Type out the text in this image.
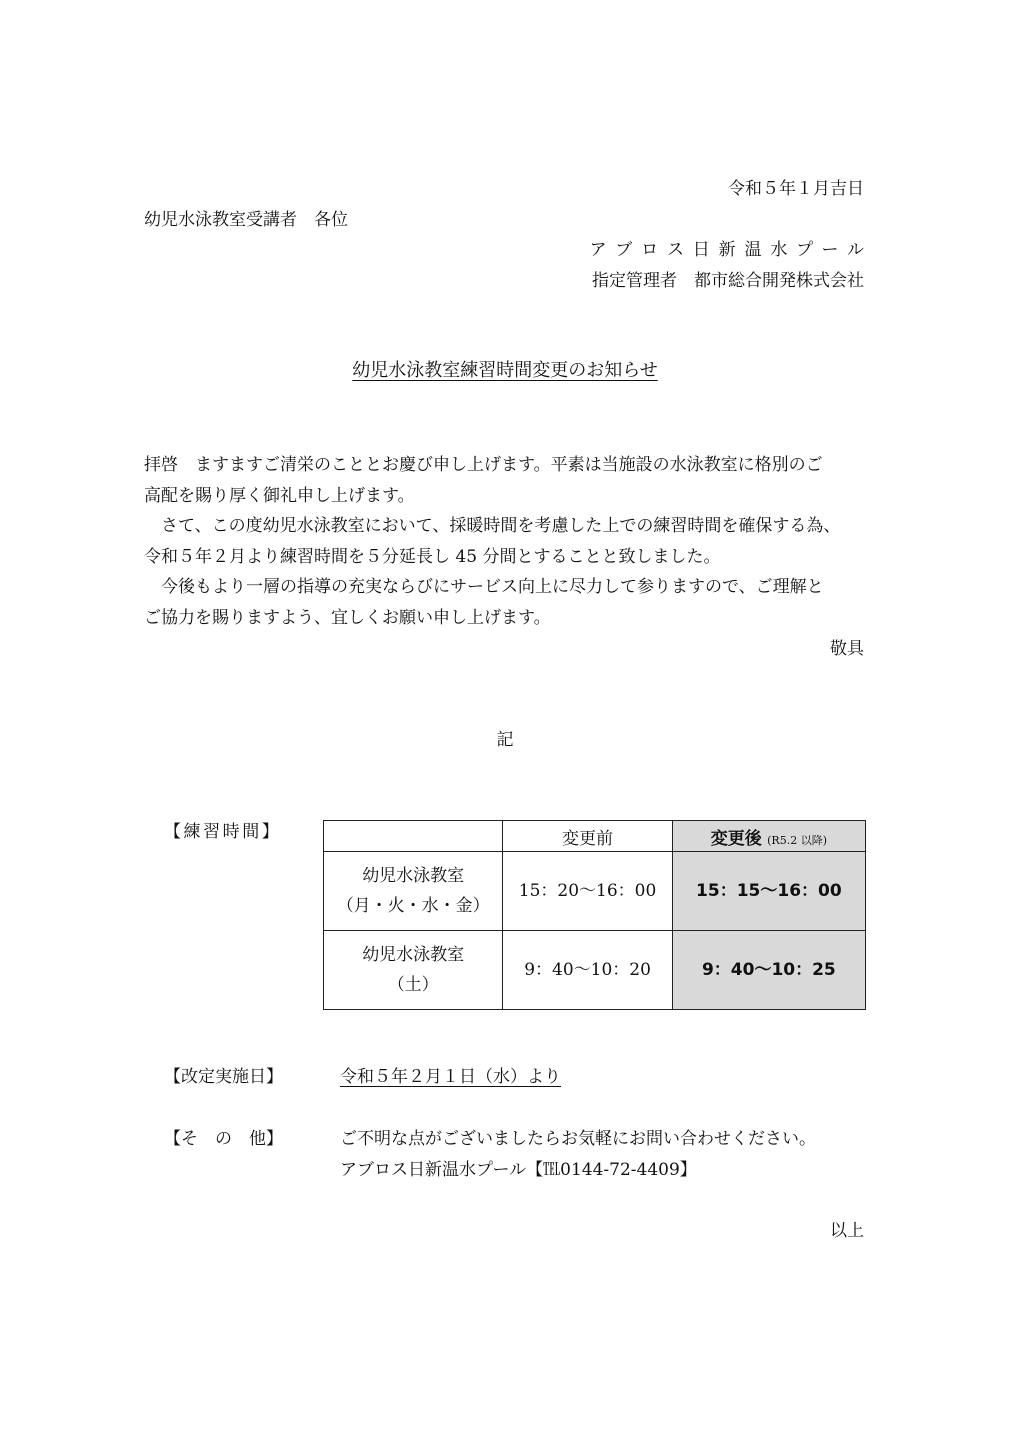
令和５年１月吉日
幼児水泳教室受講者　各位
アブロス日新温水プール
指定管理者　都市総合開発株式会社
幼児水泳教室練習時間変更のお知らせ
拝啓　ますますご清栄のこととお慶び申し上げます。平素は当施設の水泳教室に格別のご
高配を賜り厚く御礼申し上げます。
　さて、この度幼児水泳教室において、採暖時間を考慮した上での練習時間を確保する為、
令和５年２月より練習時間を５分延長し 45 分間とすることと致しました。
　今後もより一層の指導の充実ならびにサービス向上に尽力して参りますので、ご理解と
ご協力を賜りますよう、宜しくお願い申し上げます。
敬具
記
【練習時間】
		変更前	変更後 (R5.2 以降)

幼児水泳教室
（月・火・水・金）	15：20～16：00	15：15～16：00

幼児水泳教室
（土）	9：40～10：20	9：40～10：25
【改定実施日】	令和５年２月１日（水）より
【そ　の　他】	ご不明な点がございましたらお気軽にお問い合わせください。
アブロス日新温水プール【℡0144-72-4409】
以上
